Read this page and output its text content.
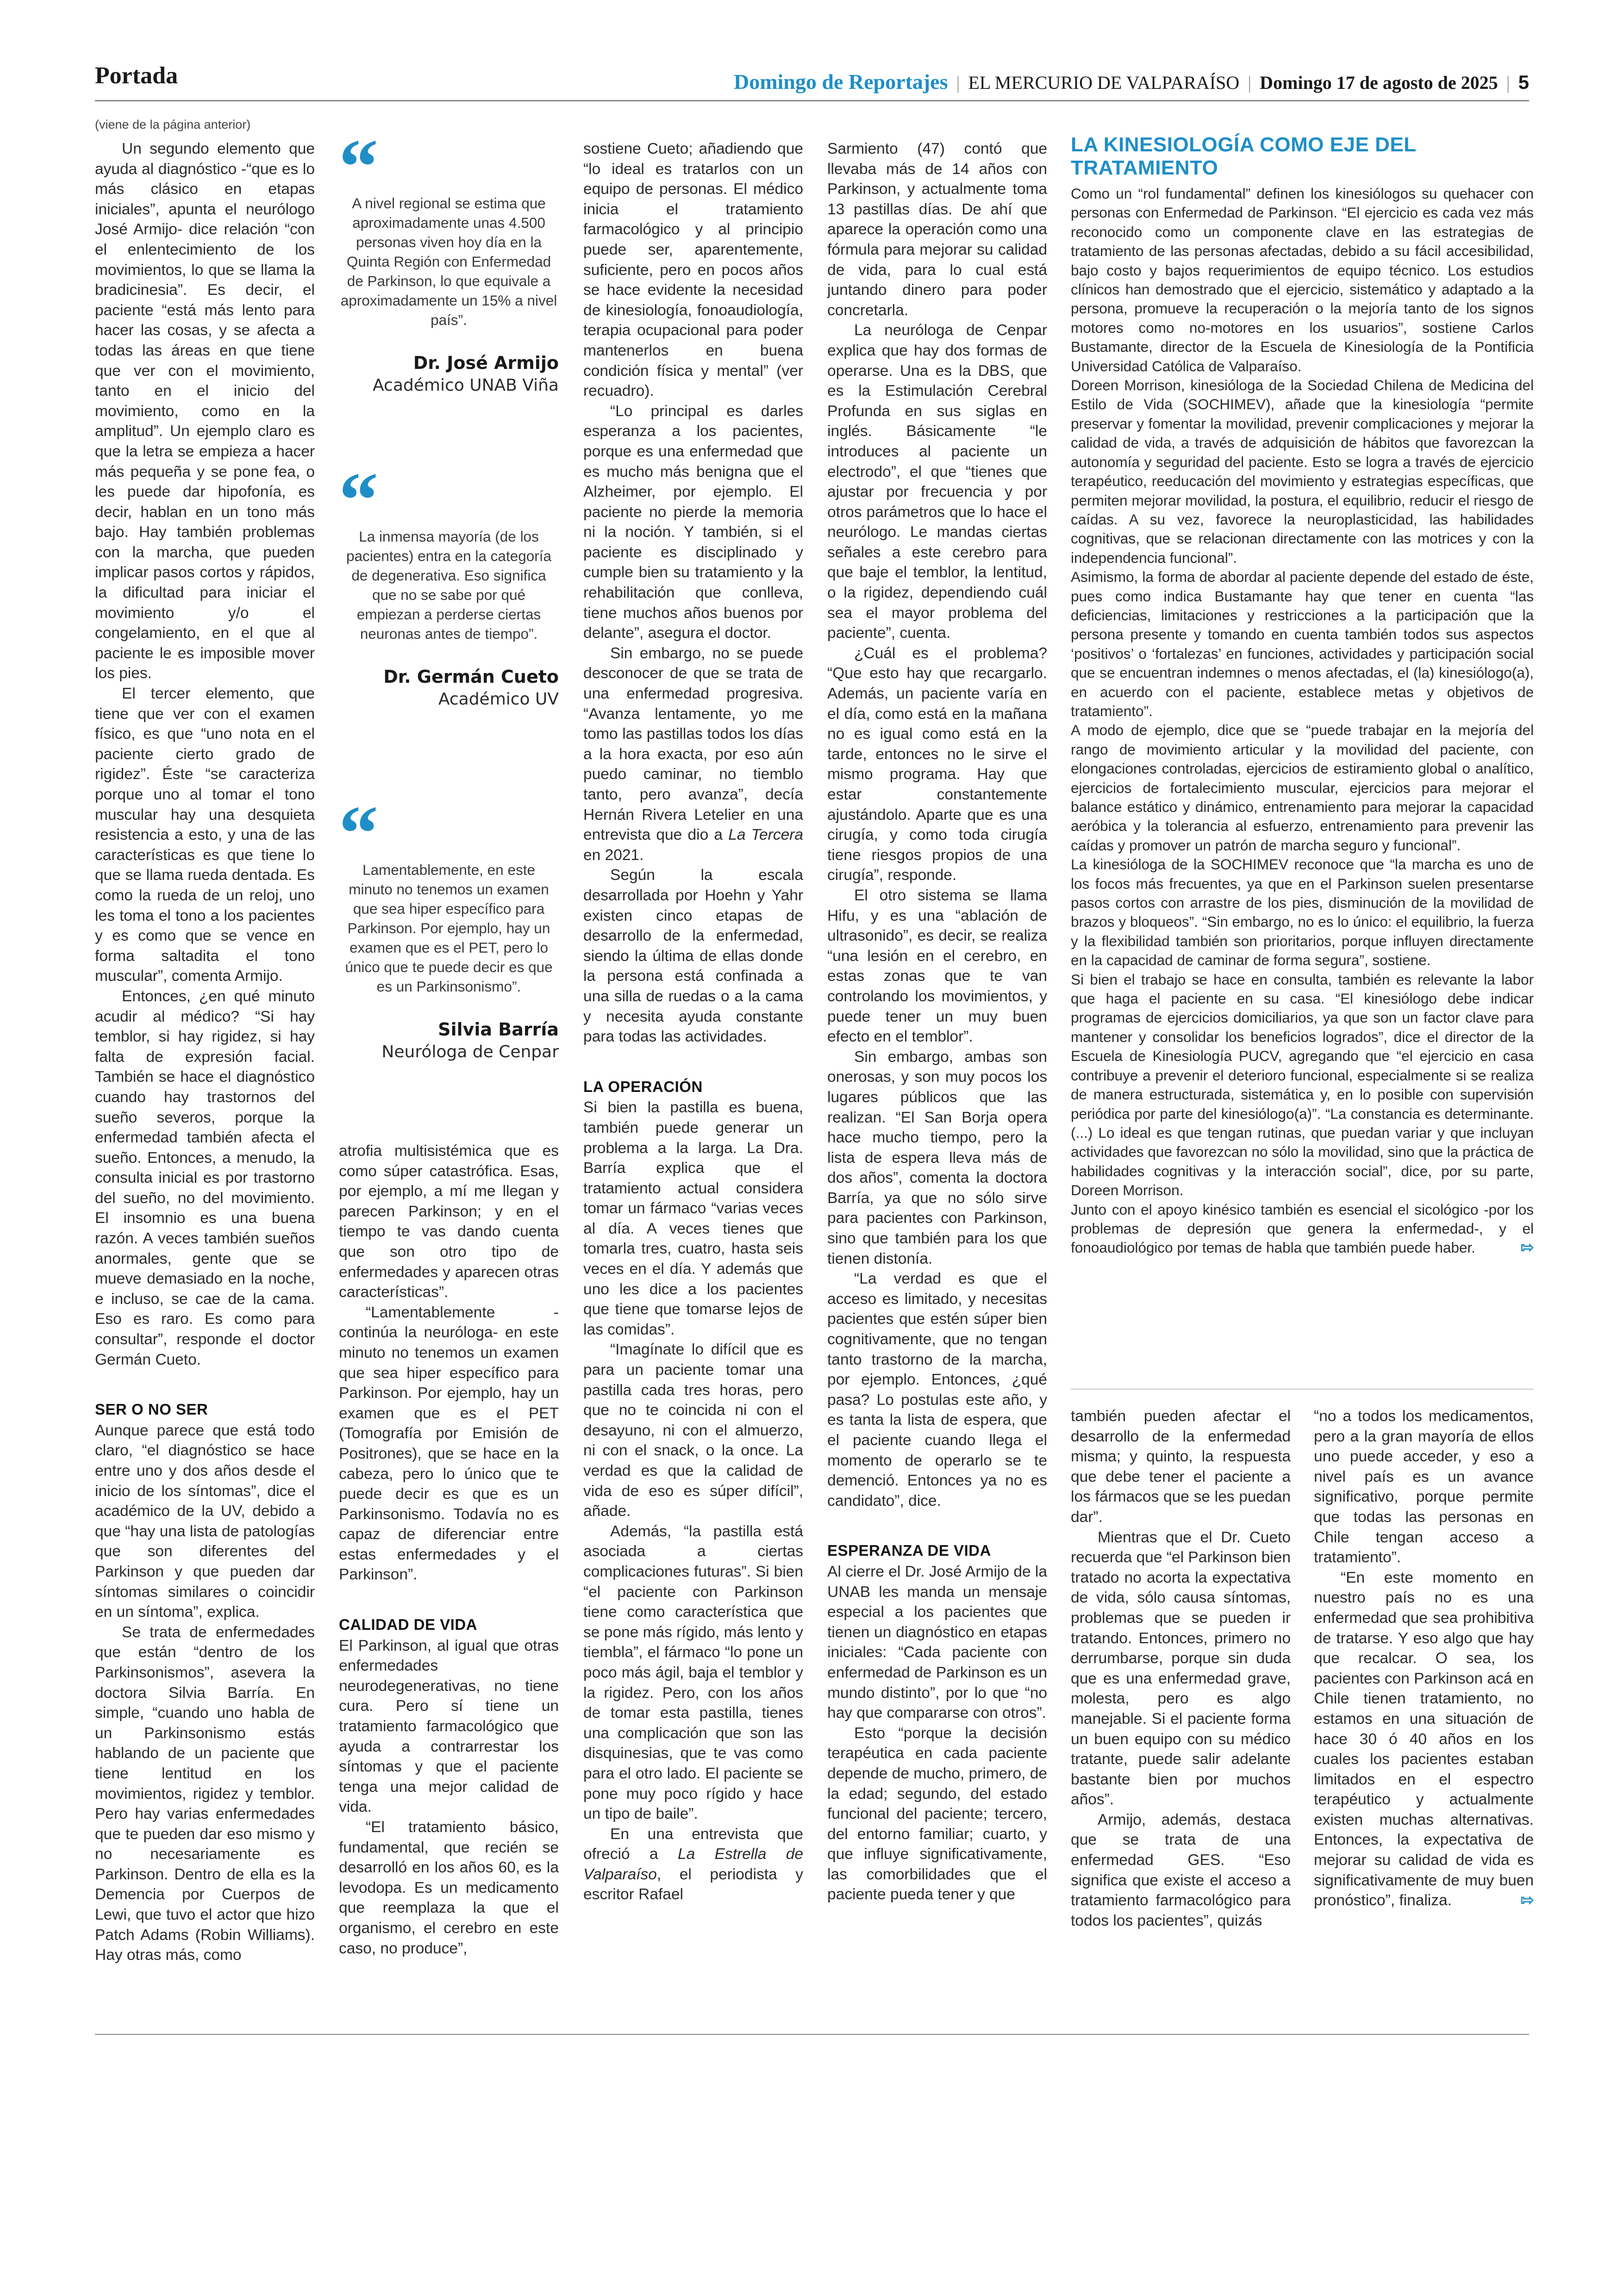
Portada	Domingo de Reportajes | EL MERCURIO DE VALPARAÍSO | Domingo 17 de agosto de 2025 | 5
(viene de la página anterior)

Un segundo elemento que ayuda al diagnóstico -“que es lo más clásico en etapas iniciales”, apunta el neurólogo José Armijo- dice relación “con el enlentecimiento de los movimientos, lo que se llama la bradicinesia”. Es decir, el paciente “está más lento para hacer las cosas, y se afecta a todas las áreas en que tiene que ver con el movimiento, tanto en el inicio del movimiento, como en la amplitud”. Un ejemplo claro es que la letra se empieza a hacer más pequeña y se pone fea, o les puede dar hipofonía, es decir, hablan en un tono más bajo. Hay también problemas con la marcha, que pueden implicar pasos cortos y rápidos, la dificultad para iniciar el movimiento y/o el congelamiento, en el que al paciente le es imposible mover los pies.

El tercer elemento, que tiene que ver con el examen físico, es que “uno nota en el paciente cierto grado de rigidez”. Éste “se caracteriza porque uno al tomar el tono muscular hay una desquieta resistencia a esto, y una de las características es que tiene lo que se llama rueda dentada. Es como la rueda de un reloj, uno les toma el tono a los pacientes y es como que se vence en forma saltadita el tono muscular”, comenta Armijo.

Entonces, ¿en qué minuto acudir al médico? “Si hay temblor, si hay rigidez, si hay falta de expresión facial. También se hace el diagnóstico cuando hay trastornos del sueño severos, porque la enfermedad también afecta el sueño. Entonces, a menudo, la consulta inicial es por trastorno del sueño, no del movimiento. El insomnio es una buena razón. A veces también sueños anormales, gente que se mueve demasiado en la noche, e incluso, se cae de la cama. Eso es raro. Es como para consultar”, responde el doctor Germán Cueto.

SER O NO SER

Aunque parece que está todo claro, “el diagnóstico se hace entre uno y dos años desde el inicio de los síntomas”, dice el académico de la UV, debido a que “hay una lista de patologías que son diferentes del Parkinson y que pueden dar síntomas similares o coincidir en un síntoma”, explica.

Se trata de enfermedades que están “dentro de los Parkinsonismos”, asevera la doctora Silvia Barría. En simple, “cuando uno habla de un Parkinsonismo estás hablando de un paciente que tiene lentitud en los movimientos, rigidez y temblor. Pero hay varias enfermedades que te pueden dar eso mismo y no necesariamente es Parkinson. Dentro de ella es la Demencia por Cuerpos de Lewi, que tuvo el actor que hizo Patch Adams (Robin Williams). Hay otras más, como

“
A nivel regional se estima que aproximadamente unas 4.500 personas viven hoy día en la Quinta Región con Enfermedad de Parkinson, lo que equivale a aproximadamente un 15% a nivel país”.
Dr. José Armijo
Académico UNAB Viña
“
La inmensa mayoría (de los pacientes) entra en la categoría de degenerativa. Eso significa que no se sabe por qué empiezan a perderse ciertas neuronas antes de tiempo”.
Dr. Germán Cueto
Académico UV
“
Lamentablemente, en este minuto no tenemos un examen que sea hiper específico para Parkinson. Por ejemplo, hay un examen que es el PET, pero lo único que te puede decir es que es un Parkinsonismo”.
Silvia Barría
Neuróloga de Cenpar

atrofia multisistémica que es como súper catastrófica. Esas, por ejemplo, a mí me llegan y parecen Parkinson; y en el tiempo te vas dando cuenta que son otro tipo de enfermedades y aparecen otras características”.

“Lamentablemente -continúa la neuróloga- en este minuto no tenemos un examen que sea hiper específico para Parkinson. Por ejemplo, hay un examen que es el PET (Tomografía por Emisión de Positrones), que se hace en la cabeza, pero lo único que te puede decir es que es un Parkinsonismo. Todavía no es capaz de diferenciar entre estas enfermedades y el Parkinson”.

CALIDAD DE VIDA

El Parkinson, al igual que otras enfermedades neurodegenerativas, no tiene cura. Pero sí tiene un tratamiento farmacológico que ayuda a contrarrestar los síntomas y que el paciente tenga una mejor calidad de vida.

“El tratamiento básico, fundamental, que recién se desarrolló en los años 60, es la levodopa. Es un medicamento que reemplaza la que el organismo, el cerebro en este caso, no produce”,

sostiene Cueto; añadiendo que “lo ideal es tratarlos con un equipo de personas. El médico inicia el tratamiento farmacológico y al principio puede ser, aparentemente, suficiente, pero en pocos años se hace evidente la necesidad de kinesiología, fonoaudiología, terapia ocupacional para poder mantenerlos en buena condición física y mental” (ver recuadro).

“Lo principal es darles esperanza a los pacientes, porque es una enfermedad que es mucho más benigna que el Alzheimer, por ejemplo. El paciente no pierde la memoria ni la noción. Y también, si el paciente es disciplinado y cumple bien su tratamiento y la rehabilitación que conlleva, tiene muchos años buenos por delante”, asegura el doctor.

Sin embargo, no se puede desconocer de que se trata de una enfermedad progresiva. “Avanza lentamente, yo me tomo las pastillas todos los días a la hora exacta, por eso aún puedo caminar, no tiemblo tanto, pero avanza”, decía Hernán Rivera Letelier en una entrevista que dio a La Tercera en 2021.

Según la escala desarrollada por Hoehn y Yahr existen cinco etapas de desarrollo de la enfermedad, siendo la última de ellas donde la persona está confinada a una silla de ruedas o a la cama y necesita ayuda constante para todas las actividades.

LA OPERACIÓN

Si bien la pastilla es buena, también puede generar un problema a la larga. La Dra. Barría explica que el tratamiento actual considera tomar un fármaco “varias veces al día. A veces tienes que tomarla tres, cuatro, hasta seis veces en el día. Y además que uno les dice a los pacientes que tiene que tomarse lejos de las comidas”.

“Imagínate lo difícil que es para un paciente tomar una pastilla cada tres horas, pero que no te coincida ni con el desayuno, ni con el almuerzo, ni con el snack, o la once. La verdad es que la calidad de vida de eso es súper difícil”, añade.

Además, “la pastilla está asociada a ciertas complicaciones futuras”. Si bien “el paciente con Parkinson tiene como característica que se pone más rígido, más lento y tiembla”, el fármaco “lo pone un poco más ágil, baja el temblor y la rigidez. Pero, con los años de tomar esta pastilla, tienes una complicación que son las disquinesias, que te vas como para el otro lado. El paciente se pone muy poco rígido y hace un tipo de baile”.

En una entrevista que ofreció a La Estrella de Valparaíso, el periodista y escritor Rafael

Sarmiento (47) contó que llevaba más de 14 años con Parkinson, y actualmente toma 13 pastillas días. De ahí que aparece la operación como una fórmula para mejorar su calidad de vida, para lo cual está juntando dinero para poder concretarla.

La neuróloga de Cenpar explica que hay dos formas de operarse. Una es la DBS, que es la Estimulación Cerebral Profunda en sus siglas en inglés. Básicamente “le introduces al paciente un electrodo”, el que “tienes que ajustar por frecuencia y por otros parámetros que lo hace el neurólogo. Le mandas ciertas señales a este cerebro para que baje el temblor, la lentitud, o la rigidez, dependiendo cuál sea el mayor problema del paciente”, cuenta.

¿Cuál es el problema? “Que esto hay que recargarlo. Además, un paciente varía en el día, como está en la mañana no es igual como está en la tarde, entonces no le sirve el mismo programa. Hay que estar constantemente ajustándolo. Aparte que es una cirugía, y como toda cirugía tiene riesgos propios de una cirugía”, responde.

El otro sistema se llama Hifu, y es una “ablación de ultrasonido”, es decir, se realiza “una lesión en el cerebro, en estas zonas que te van controlando los movimientos, y puede tener un muy buen efecto en el temblor”.

Sin embargo, ambas son onerosas, y son muy pocos los lugares públicos que las realizan. “El San Borja opera hace mucho tiempo, pero la lista de espera lleva más de dos años”, comenta la doctora Barría, ya que no sólo sirve para pacientes con Parkinson, sino que también para los que tienen distonía.

“La verdad es que el acceso es limitado, y necesitas pacientes que estén súper bien cognitivamente, que no tengan tanto trastorno de la marcha, por ejemplo. Entonces, ¿qué pasa? Lo postulas este año, y es tanta la lista de espera, que el paciente cuando llega el momento de operarlo se te demenció. Entonces ya no es candidato”, dice.

ESPERANZA DE VIDA

Al cierre el Dr. José Armijo de la UNAB les manda un mensaje especial a los pacientes que tienen un diagnóstico en etapas iniciales: “Cada paciente con enfermedad de Parkinson es un mundo distinto”, por lo que “no hay que compararse con otros”.

Esto “porque la decisión terapéutica en cada paciente depende de mucho, primero, de la edad; segundo, del estado funcional del paciente; tercero, del entorno familiar; cuarto, y que influye significativamente, las comorbilidades que el paciente pueda tener y que

LA KINESIOLOGÍA COMO EJE DEL TRATAMIENTO

Como un “rol fundamental” definen los kinesiólogos su quehacer con personas con Enfermedad de Parkinson. “El ejercicio es cada vez más reconocido como un componente clave en las estrategias de tratamiento de las personas afectadas, debido a su fácil accesibilidad, bajo costo y bajos requerimientos de equipo técnico. Los estudios clínicos han demostrado que el ejercicio, sistemático y adaptado a la persona, promueve la recuperación o la mejoría tanto de los signos motores como no-motores en los usuarios”, sostiene Carlos Bustamante, director de la Escuela de Kinesiología de la Pontificia Universidad Católica de Valparaíso.

Doreen Morrison, kinesióloga de la Sociedad Chilena de Medicina del Estilo de Vida (SOCHIMEV), añade que la kinesiología “permite preservar y fomentar la movilidad, prevenir complicaciones y mejorar la calidad de vida, a través de adquisición de hábitos que favorezcan la autonomía y seguridad del paciente. Esto se logra a través de ejercicio terapéutico, reeducación del movimiento y estrategias específicas, que permiten mejorar movilidad, la postura, el equilibrio, reducir el riesgo de caídas. A su vez, favorece la neuroplasticidad, las habilidades cognitivas, que se relacionan directamente con las motrices y con la independencia funcional”.

Asimismo, la forma de abordar al paciente depende del estado de éste, pues como indica Bustamante hay que tener en cuenta “las deficiencias, limitaciones y restricciones a la participación que la persona presente y tomando en cuenta también todos sus aspectos ‘positivos’ o ‘fortalezas’ en funciones, actividades y participación social que se encuentran indemnes o menos afectadas, el (la) kinesiólogo(a), en acuerdo con el paciente, establece metas y objetivos de tratamiento”.

A modo de ejemplo, dice que se “puede trabajar en la mejoría del rango de movimiento articular y la movilidad del paciente, con elongaciones controladas, ejercicios de estiramiento global o analítico, ejercicios de fortalecimiento muscular, ejercicios para mejorar el balance estático y dinámico, entrenamiento para mejorar la capacidad aeróbica y la tolerancia al esfuerzo, entrenamiento para prevenir las caídas y promover un patrón de marcha seguro y funcional”.

La kinesióloga de la SOCHIMEV reconoce que “la marcha es uno de los focos más frecuentes, ya que en el Parkinson suelen presentarse pasos cortos con arrastre de los pies, disminución de la movilidad de brazos y bloqueos”. “Sin embargo, no es lo único: el equilibrio, la fuerza y la flexibilidad también son prioritarios, porque influyen directamente en la capacidad de caminar de forma segura”, sostiene.

Si bien el trabajo se hace en consulta, también es relevante la labor que haga el paciente en su casa. “El kinesiólogo debe indicar programas de ejercicios domiciliarios, ya que son un factor clave para mantener y consolidar los beneficios logrados”, dice el director de la Escuela de Kinesiología PUCV, agregando que “el ejercicio en casa contribuye a prevenir el deterioro funcional, especialmente si se realiza de manera estructurada, sistemática y, en lo posible con supervisión periódica por parte del kinesiólogo(a)”. “La constancia es determinante. (...) Lo ideal es que tengan rutinas, que puedan variar y que incluyan actividades que favorezcan no sólo la movilidad, sino que la práctica de habilidades cognitivas y la interacción social”, dice, por su parte, Doreen Morrison.

Junto con el apoyo kinésico también es esencial el sicológico -por los problemas de depresión que genera la enfermedad-, y el fonoaudiológico por temas de habla que también puede haber.	⇰

también pueden afectar el desarrollo de la enfermedad misma; y quinto, la respuesta que debe tener el paciente a los fármacos que se les puedan dar”.

Mientras que el Dr. Cueto recuerda que “el Parkinson bien tratado no acorta la expectativa de vida, sólo causa síntomas, problemas que se pueden ir tratando. Entonces, primero no derrumbarse, porque sin duda que es una enfermedad grave, molesta, pero es algo manejable. Si el paciente forma un buen equipo con su médico tratante, puede salir adelante bastante bien por muchos años”.

Armijo, además, destaca que se trata de una enfermedad GES. “Eso significa que existe el acceso a tratamiento farmacológico para todos los pacientes”, quizás

“no a todos los medicamentos, pero a la gran mayoría de ellos uno puede acceder, y eso a nivel país es un avance significativo, porque permite que todas las personas en Chile tengan acceso a tratamiento”.

“En este momento en nuestro país no es una enfermedad que sea prohibitiva de tratarse. Y eso algo que hay que recalcar. O sea, los pacientes con Parkinson acá en Chile tienen tratamiento, no estamos en una situación de hace 30 ó 40 años en los cuales los pacientes estaban limitados en el espectro terapéutico y actualmente existen muchas alternativas. Entonces, la expectativa de mejorar su calidad de vida es significativamente de muy buen pronóstico”, finaliza.	⇰
